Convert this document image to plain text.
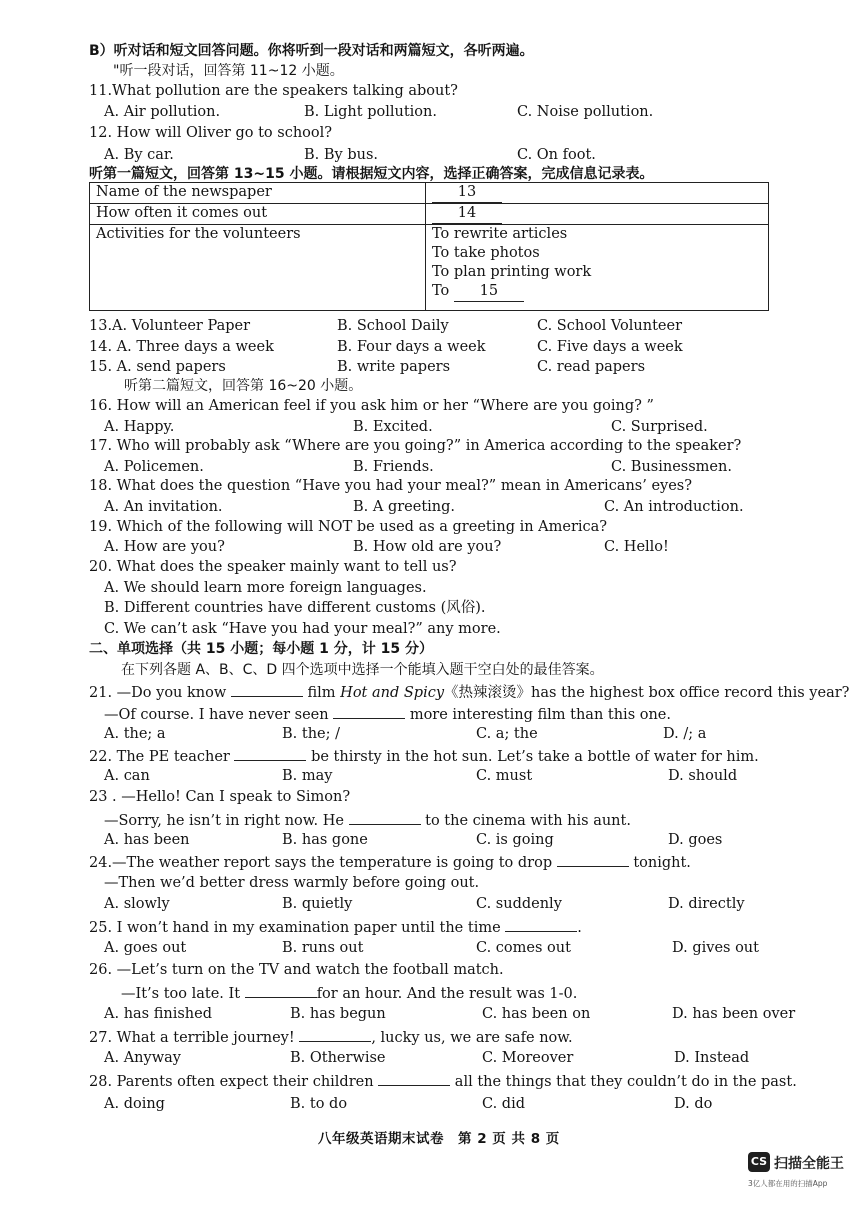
B）听对话和短文回答问题。你将听到一段对话和两篇短文，各听两遍。
"听一段对话，回答第 11~12 小题。
11.What pollution are the speakers talking about?
A. Air pollution.	B. Light pollution.	C. Noise pollution.
12. How will Oliver go to school?
A. By car.	B. By bus.	C. On foot.
听第一篇短文，回答第 13~15 小题。请根据短文内容，选择正确答案，完成信息记录表。
Name of the newspaper	13
How often it comes out	14
Activities for the volunteers	To rewrite articles
To take photos
To plan printing work
To 15
13.A. Volunteer Paper	B. School Daily	C. School Volunteer
14. A. Three days a week	B. Four days a week	C. Five days a week
15. A. send papers	B. write papers	C. read papers
听第二篇短文，回答第 16~20 小题。
16. How will an American feel if you ask him or her “Where are you going? ”
A. Happy.	B. Excited.	C. Surprised.
17. Who will probably ask “Where are you going?” in America according to the speaker?
A. Policemen.	B. Friends.	C. Businessmen.
18. What does the question “Have you had your meal?” mean in Americans’ eyes?
A. An invitation.	B. A greeting.	C. An introduction.
19. Which of the following will NOT be used as a greeting in America?
A. How are you?	B. How old are you?	C. Hello!
20. What does the speaker mainly want to tell us?
A. We should learn more foreign languages.
B. Different countries have different customs (风俗).
C. We can’t ask “Have you had your meal?” any more.
二、单项选择（共 15 小题；每小题 1 分，计 15 分）
在下列各题 A、B、C、D 四个选项中选择一个能填入题干空白处的最佳答案。
21. —Do you know	film Hot and Spicy《热辣滚烫》has the highest box office record this year?
—Of course. I have never seen	more interesting film than this one.
A. the; a	B. the; /	C. a; the	D. /; a
22. The PE teacher	be thirsty in the hot sun. Let’s take a bottle of water for him.
A. can	B. may	C. must	D. should
23 . —Hello! Can I speak to Simon?
—Sorry, he isn’t in right now. He	to the cinema with his aunt.
A. has been	B. has gone	C. is going	D. goes
24.—The weather report says the temperature is going to drop	tonight.
—Then we’d better dress warmly before going out.
A. slowly	B. quietly	C. suddenly	D. directly
25. I won’t hand in my examination paper until the time	.
A. goes out	B. runs out	C. comes out	D. gives out
26. —Let’s turn on the TV and watch the football match.
—It’s too late. It	for an hour. And the result was 1-0.
A. has finished	B. has begun	C. has been on	D. has been over
27. What a terrible journey!	, lucky us, we are safe now.
A. Anyway	B. Otherwise	C. Moreover	D. Instead
28. Parents often expect their children	all the things that they couldn’t do in the past.
A. doing	B. to do	C. did	D. do
八年级英语期末试卷　第 2 页 共 8 页
CS 扫描全能王
3亿人都在用的扫描App
